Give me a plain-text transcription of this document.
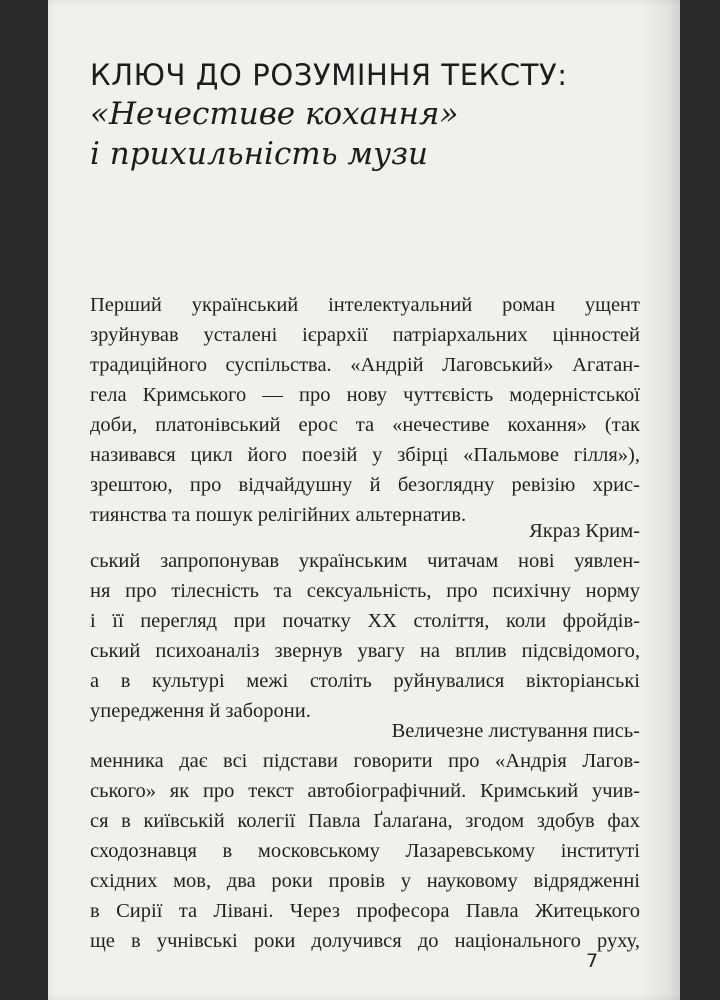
КЛЮЧ ДО РОЗУМІННЯ ТЕКСТУ:
«Нечестиве кохання»
і прихильність музи
Перший український інтелектуальний роман ущент
зруйнував усталені ієрархії патріархальних цінностей
традиційного суспільства. «Андрій Лаговський» Агатан-
гела Кримського — про нову чуттєвість модерністської
доби, платонівський ерос та «нечестиве кохання» (так
називався цикл його поезій у збірці «Пальмове гілля»),
зрештою, про відчайдушну й безоглядну ревізію хрис-
тиянства та пошук релігійних альтернатив.
Якраз Крим-
ський запропонував українським читачам нові уявлен-
ня про тілесність та сексуальність, про психічну норму
і її перегляд при початку XX століття, коли фройдів-
ський психоаналіз звернув увагу на вплив підсвідомого,
а в культурі межі століть руйнувалися вікторіанські
упередження й заборони.
Величезне листування пись-
менника дає всі підстави говорити про «Андрія Лагов-
ського» як про текст автобіографічний. Кримський учив-
ся в київській колегії Павла Ґалаґана, згодом здобув фах
сходознавця в московському Лазаревському інституті
східних мов, два роки провів у науковому відрядженні
в Сирії та Лівані. Через професора Павла Житецького
ще в учнівські роки долучився до національного руху,
7
